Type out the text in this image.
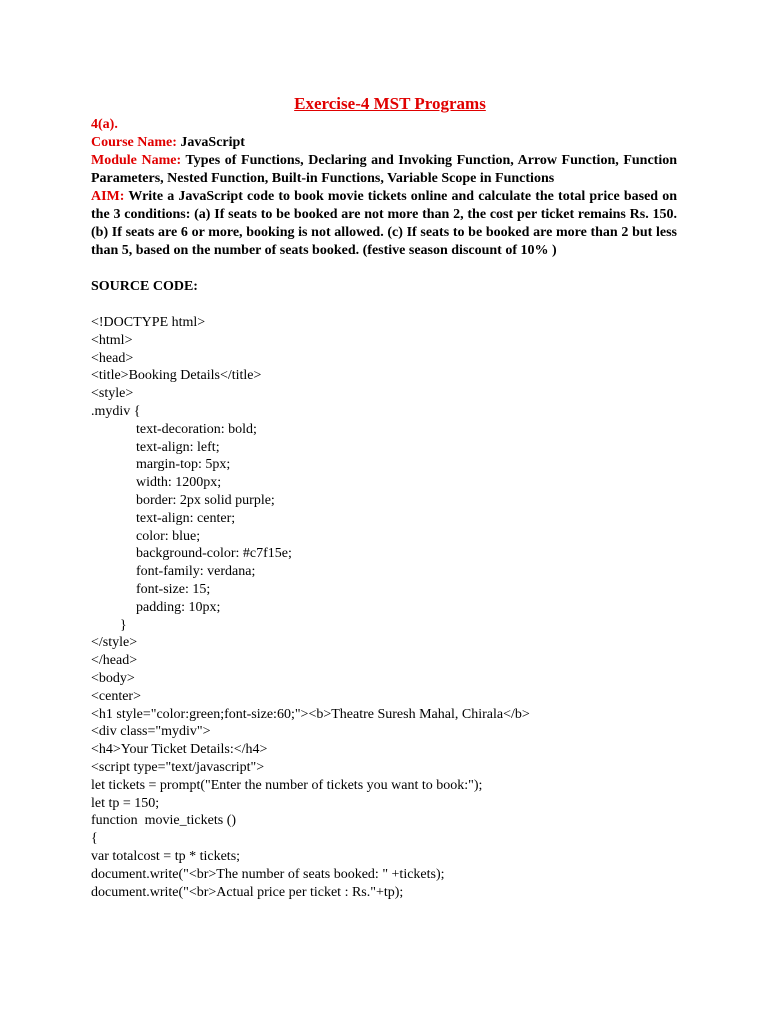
Exercise-4 MST Programs
4(a).
Course Name: JavaScript
Module Name: Types of Functions, Declaring and Invoking Function, Arrow Function, Function Parameters, Nested Function, Built-in Functions, Variable Scope in Functions
AIM: Write a JavaScript code to book movie tickets online and calculate the total price based on the 3 conditions: (a) If seats to be booked are not more than 2, the cost per ticket remains Rs. 150. (b) If seats are 6 or more, booking is not allowed. (c) If seats to be booked are more than 2 but less than 5, based on the number of seats booked. (festive season discount of 10% )
SOURCE CODE:
<!DOCTYPE html>
<html>
<head>
<title>Booking Details</title>
<style>
.mydiv {
text-decoration: bold;
text-align: left;
margin-top: 5px;
width: 1200px;
border: 2px solid purple;
text-align: center;
color: blue;
background-color: #c7f15e;
font-family: verdana;
font-size: 15;
padding: 10px;
}
</style>
</head>
<body>
<center>
<h1 style="color:green;font-size:60;"><b>Theatre Suresh Mahal, Chirala</b>
<div class="mydiv">
<h4>Your Ticket Details:</h4>
<script type="text/javascript">
let tickets = prompt("Enter the number of tickets you want to book:");
let tp = 150;
function  movie_tickets ()
{
var totalcost = tp * tickets;
document.write("<br>The number of seats booked: " +tickets);
document.write("<br>Actual price per ticket : Rs."+tp);
